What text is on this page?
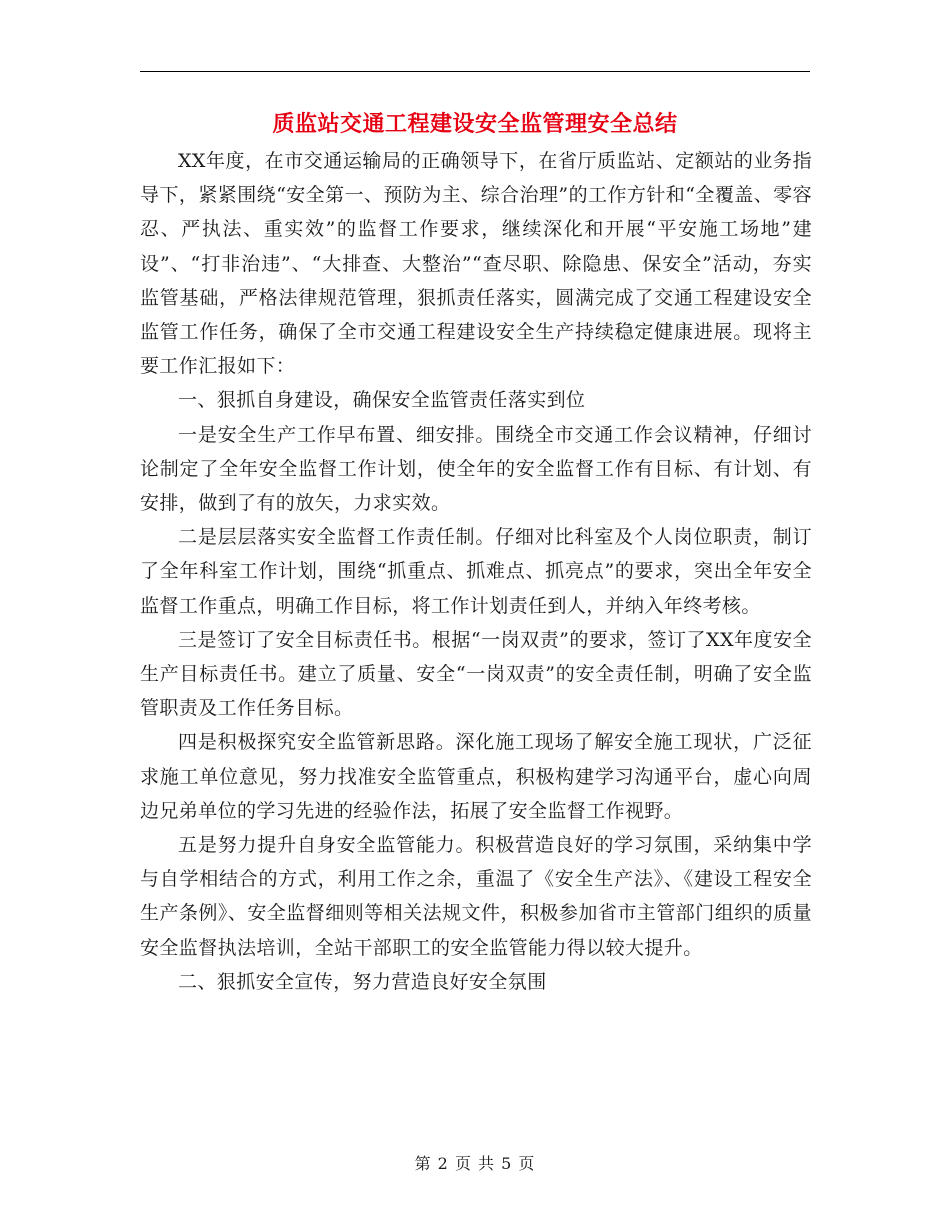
质监站交通工程建设安全监管理安全总结

XX年度，在市交通运输局的正确领导下，在省厅质监站、定额站的业务指导下，紧紧围绕“安全第一、预防为主、综合治理”的工作方针和“全覆盖、零容忍、严执法、重实效”的监督工作要求，继续深化和开展“平安施工场地”建设”、“打非治违”、“大排查、大整治”“查尽职、除隐患、保安全”活动，夯实监管基础，严格法律规范管理，狠抓责任落实，圆满完成了交通工程建设安全监管工作任务，确保了全市交通工程建设安全生产持续稳定健康进展。现将主要工作汇报如下：

一、狠抓自身建设，确保安全监管责任落实到位

一是安全生产工作早布置、细安排。围绕全市交通工作会议精神，仔细讨论制定了全年安全监督工作计划，使全年的安全监督工作有目标、有计划、有安排，做到了有的放矢，力求实效。

二是层层落实安全监督工作责任制。仔细对比科室及个人岗位职责，制订了全年科室工作计划，围绕“抓重点、抓难点、抓亮点”的要求，突出全年安全监督工作重点，明确工作目标，将工作计划责任到人，并纳入年终考核。

三是签订了安全目标责任书。根据“一岗双责”的要求，签订了XX年度安全生产目标责任书。建立了质量、安全“一岗双责”的安全责任制，明确了安全监管职责及工作任务目标。

四是积极探究安全监管新思路。深化施工现场了解安全施工现状，广泛征求施工单位意见，努力找准安全监管重点，积极构建学习沟通平台，虚心向周边兄弟单位的学习先进的经验作法，拓展了安全监督工作视野。

五是努力提升自身安全监管能力。积极营造良好的学习氛围，采纳集中学与自学相结合的方式，利用工作之余，重温了《安全生产法》、《建设工程安全生产条例》、安全监督细则等相关法规文件，积极参加省市主管部门组织的质量安全监督执法培训，全站干部职工的安全监管能力得以较大提升。

二、狠抓安全宣传，努力营造良好安全氛围

第 2 页 共 5 页
